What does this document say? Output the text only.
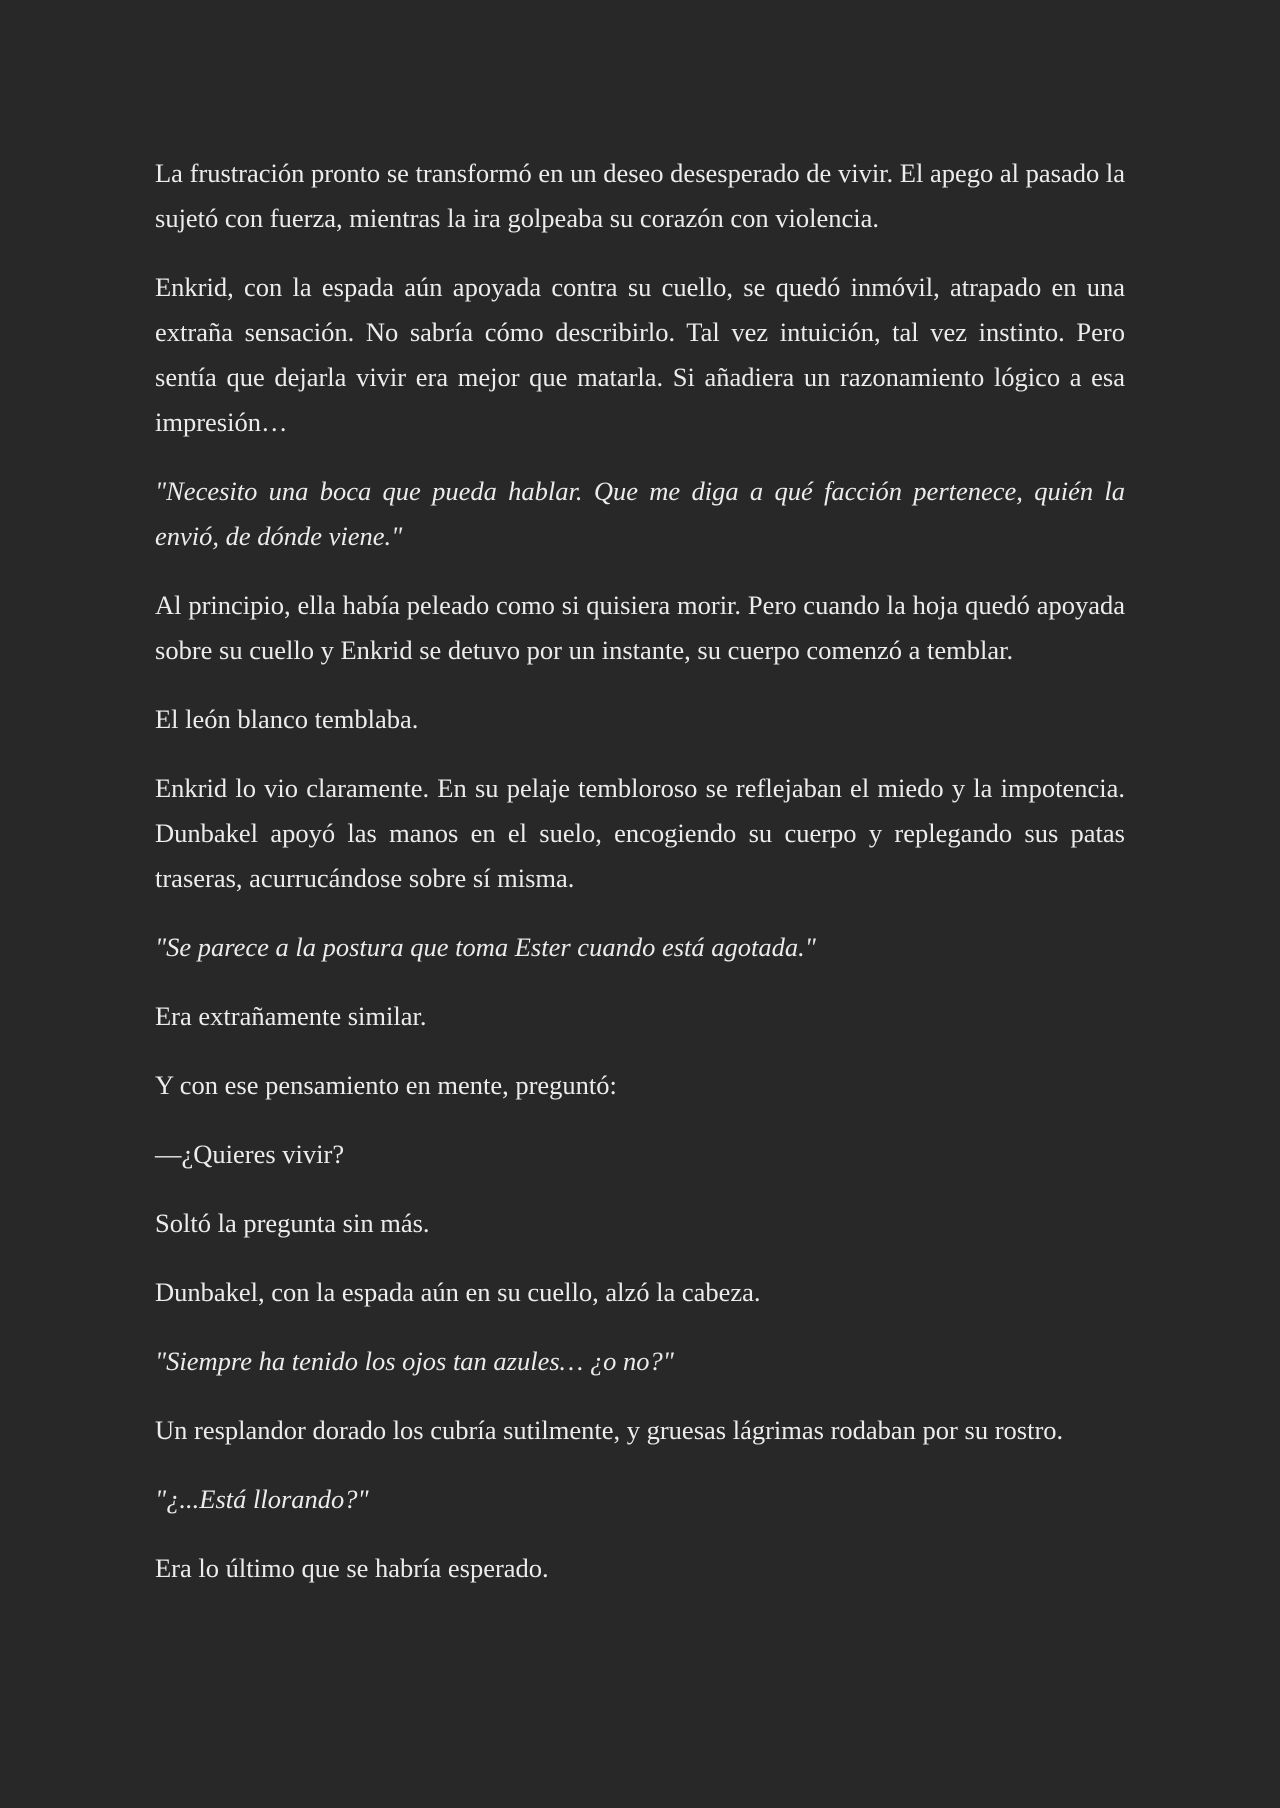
La frustración pronto se transformó en un deseo desesperado de vivir. El apego al pasado la sujetó con fuerza, mientras la ira golpeaba su corazón con violencia.

Enkrid, con la espada aún apoyada contra su cuello, se quedó inmóvil, atrapado en una extraña sensación. No sabría cómo describirlo. Tal vez intuición, tal vez instinto. Pero sentía que dejarla vivir era mejor que matarla. Si añadiera un razonamiento lógico a esa impresión…

"Necesito una boca que pueda hablar. Que me diga a qué facción pertenece, quién la envió, de dónde viene."

Al principio, ella había peleado como si quisiera morir. Pero cuando la hoja quedó apoyada sobre su cuello y Enkrid se detuvo por un instante, su cuerpo comenzó a temblar.

El león blanco temblaba.

Enkrid lo vio claramente. En su pelaje tembloroso se reflejaban el miedo y la impotencia. Dunbakel apoyó las manos en el suelo, encogiendo su cuerpo y replegando sus patas traseras, acurrucándose sobre sí misma.

"Se parece a la postura que toma Ester cuando está agotada."

Era extrañamente similar.

Y con ese pensamiento en mente, preguntó:

—¿Quieres vivir?

Soltó la pregunta sin más.

Dunbakel, con la espada aún en su cuello, alzó la cabeza.

"Siempre ha tenido los ojos tan azules… ¿o no?"

Un resplandor dorado los cubría sutilmente, y gruesas lágrimas rodaban por su rostro.

"¿...Está llorando?"

Era lo último que se habría esperado.
